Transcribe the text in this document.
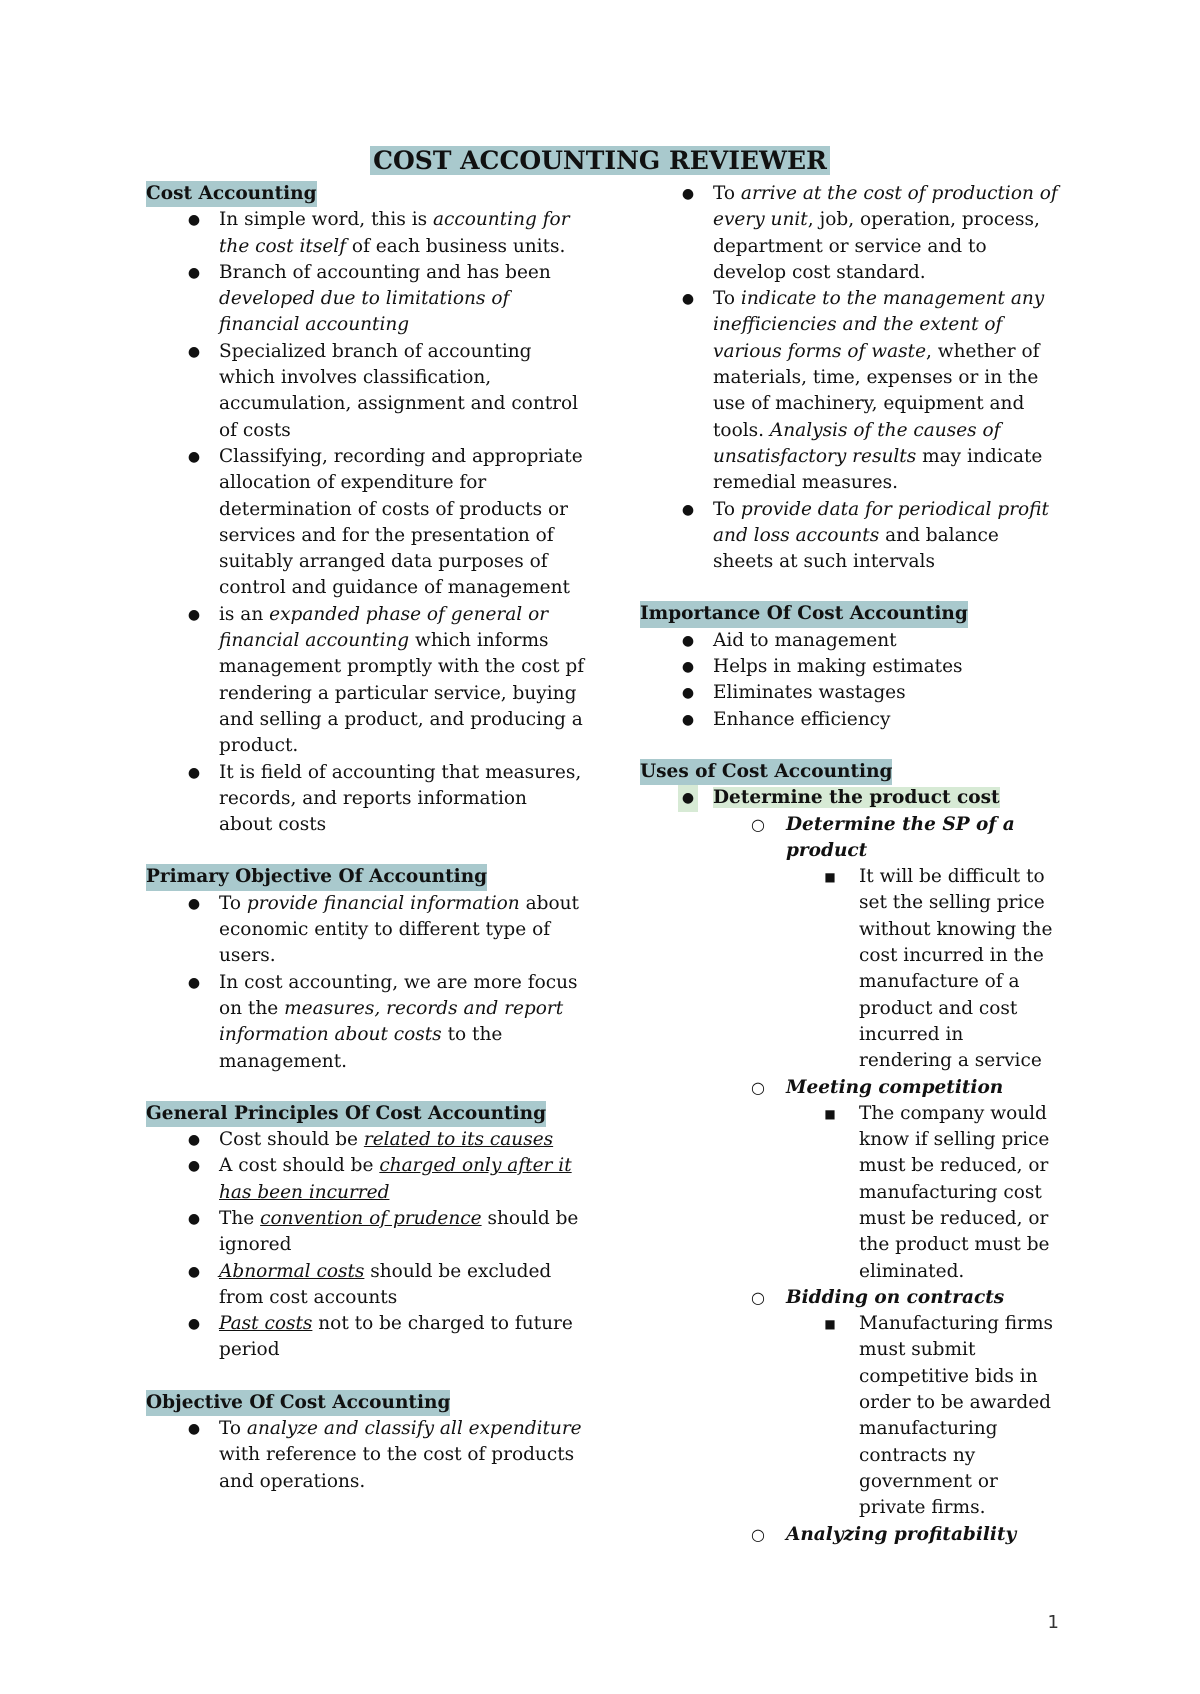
COST ACCOUNTING REVIEWER
Cost Accounting
● In simple word, this is accounting for the cost itself of each business units.
● Branch of accounting and has been developed due to limitations of financial accounting
● Specialized branch of accounting which involves classification, accumulation, assignment and control of costs
● Classifying, recording and appropriate allocation of expenditure for determination of costs of products or services and for the presentation of suitably arranged data purposes of control and guidance of management
● is an expanded phase of general or financial accounting which informs management promptly with the cost pf rendering a particular service, buying and selling a product, and producing a product.
● It is field of accounting that measures, records, and reports information about costs
Primary Objective Of Accounting
● To provide financial information about economic entity to different type of users.
● In cost accounting, we are more focus on the measures, records and report information about costs to the management.
General Principles Of Cost Accounting
● Cost should be related to its causes
● A cost should be charged only after it has been incurred
● The convention of prudence should be ignored
● Abnormal costs should be excluded from cost accounts
● Past costs not to be charged to future period
Objective Of Cost Accounting
● To analyze and classify all expenditure with reference to the cost of products and operations.
● To arrive at the cost of production of every unit, job, operation, process, department or service and to develop cost standard.
● To indicate to the management any inefficiencies and the extent of various forms of waste, whether of materials, time, expenses or in the use of machinery, equipment and tools. Analysis of the causes of unsatisfactory results may indicate remedial measures.
● To provide data for periodical profit and loss accounts and balance sheets at such intervals
Importance Of Cost Accounting
● Aid to management
● Helps in making estimates
● Eliminates wastages
● Enhance efficiency
Uses of Cost Accounting
● Determine the product cost
○ Determine the SP of a product
■ It will be difficult to set the selling price without knowing the cost incurred in the manufacture of a product and cost incurred in rendering a service
○ Meeting competition
■ The company would know if selling price must be reduced, or manufacturing cost must be reduced, or the product must be eliminated.
○ Bidding on contracts
■ Manufacturing firms must submit competitive bids in order to be awarded manufacturing contracts ny government or private firms.
○ Analyzing profitability
1
